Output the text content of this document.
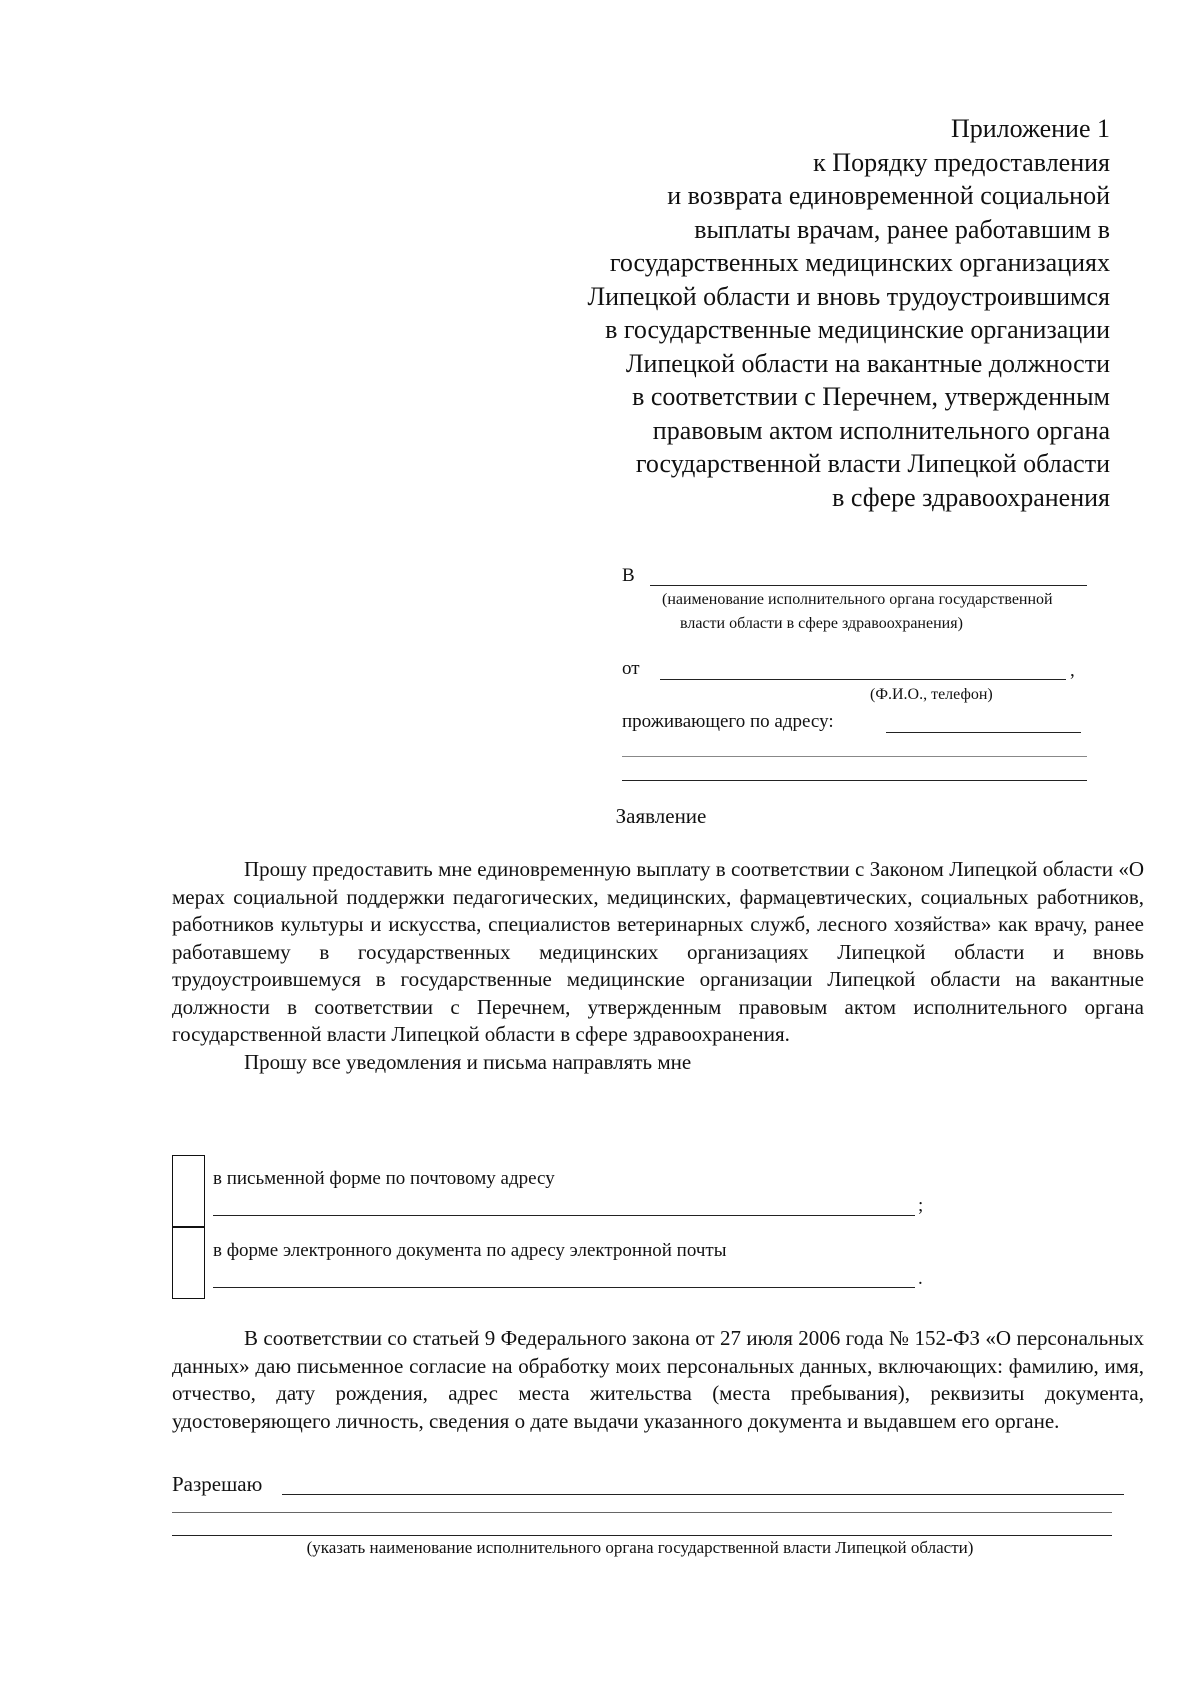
Приложение 1
к Порядку предоставления
и возврата единовременной социальной
выплаты врачам, ранее работавшим в
государственных медицинских организациях
Липецкой области и вновь трудоустроившимся
в государственные медицинские организации
Липецкой области на вакантные должности
в соответствии с Перечнем, утвержденным
правовым актом исполнительного органа
государственной власти Липецкой области
в сфере здравоохранения
В
(наименование исполнительного органа государственной
власти области в сфере здравоохранения)
от	,
(Ф.И.О., телефон)
проживающего по адресу:
Заявление

Прошу предоставить мне единовременную выплату в соответствии с Законом Липецкой области «О мерах социальной поддержки педагогических, медицинских, фармацевтических, социальных работников, работников культуры и искусства, специалистов ветеринарных служб, лесного хозяйства» как врачу, ранее работавшему в государственных медицинских организациях Липецкой области и вновь трудоустроившемуся в государственные медицинские организации Липецкой области на вакантные должности в соответствии с Перечнем, утвержденным правовым актом исполнительного органа государственной власти Липецкой области в сфере здравоохранения.

Прошу все уведомления и письма направлять мне

в письменной форме по почтовому адресу
;
в форме электронного документа по адресу электронной почты
.

В соответствии со статьей 9 Федерального закона от 27 июля 2006 года № 152-ФЗ «О персональных данных» даю письменное согласие на обработку моих персональных данных, включающих: фамилию, имя, отчество, дату рождения, адрес места жительства (места пребывания), реквизиты документа, удостоверяющего личность, сведения о дате выдачи указанного документа и выдавшем его органе.

Разрешаю
(указать наименование исполнительного органа государственной власти Липецкой области)
